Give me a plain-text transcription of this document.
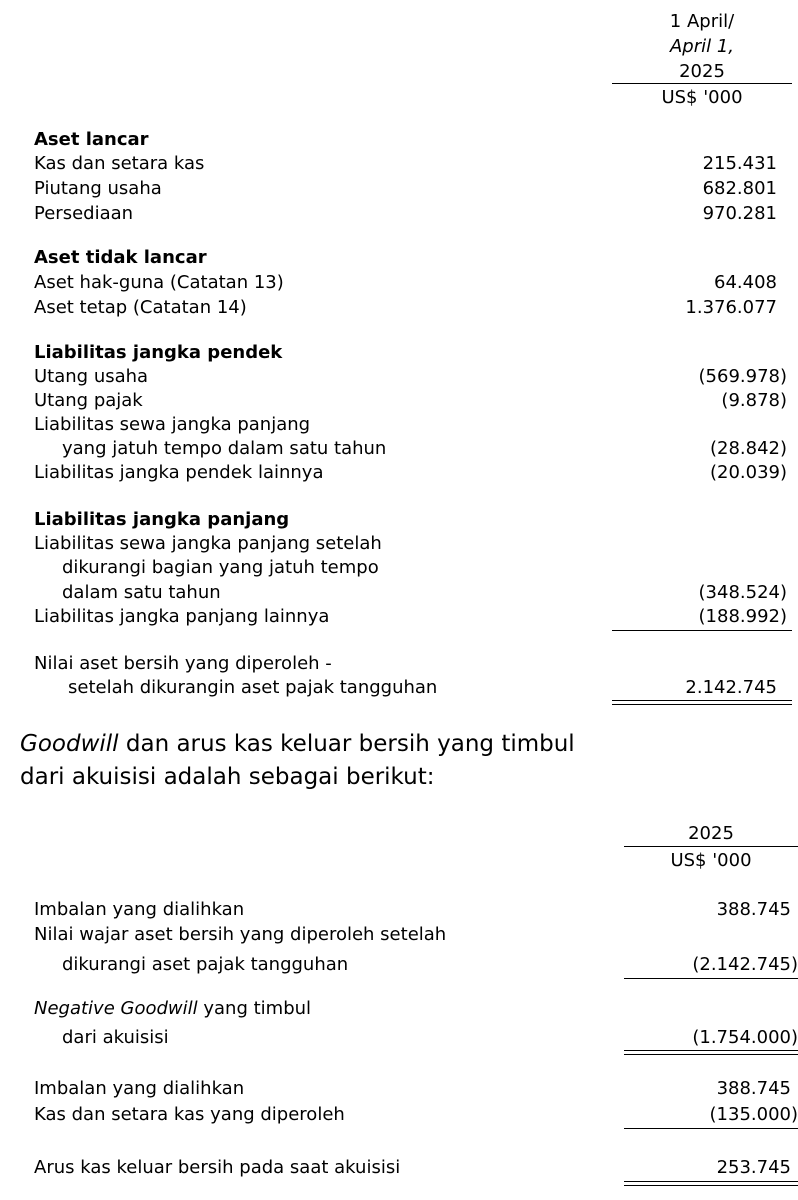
1 April/
April 1,
2025
US$ '000
Aset lancar
Kas dan setara kas	215.431
Piutang usaha	682.801
Persediaan	970.281
Aset tidak lancar
Aset hak-guna (Catatan 13)	64.408
Aset tetap (Catatan 14)	1.376.077
Liabilitas jangka pendek
Utang usaha	(569.978)
Utang pajak	(9.878)
Liabilitas sewa jangka panjang
yang jatuh tempo dalam satu tahun	(28.842)
Liabilitas jangka pendek lainnya	(20.039)
Liabilitas jangka panjang
Liabilitas sewa jangka panjang setelah
dikurangi bagian yang jatuh tempo
dalam satu tahun	(348.524)
Liabilitas jangka panjang lainnya	(188.992)
Nilai aset bersih yang diperoleh -
setelah dikurangin aset pajak tangguhan	2.142.745
Goodwill dan arus kas keluar bersih yang timbul
dari akuisisi adalah sebagai berikut:
2025
US$ '000
Imbalan yang dialihkan	388.745
Nilai wajar aset bersih yang diperoleh setelah
dikurangi aset pajak tangguhan	(2.142.745)
Negative Goodwill yang timbul
dari akuisisi	(1.754.000)
Imbalan yang dialihkan	388.745
Kas dan setara kas yang diperoleh	(135.000)
Arus kas keluar bersih pada saat akuisisi	253.745
